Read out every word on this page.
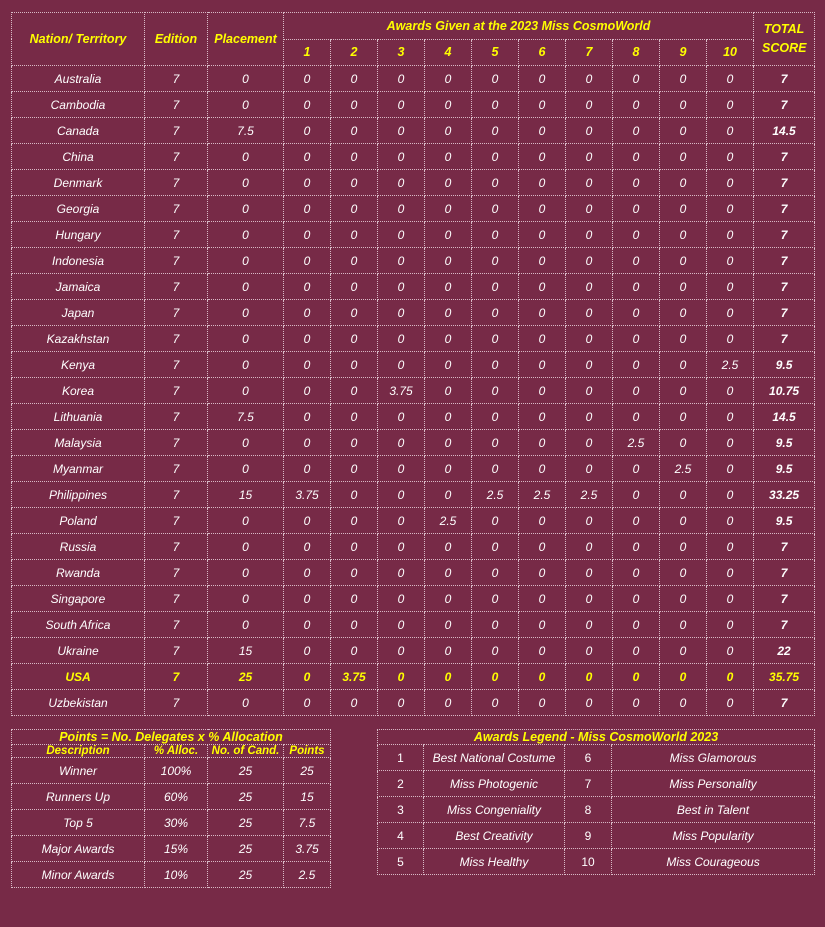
Nation/ Territory	Edition	Placement	Awards Given at the 2023 Miss CosmoWorld										TOTAL SCORE
			1	2	3	4	5	6	7	8	9	10	
Australia	7	0	0	0	0	0	0	0	0	0	0	0	7
Cambodia	7	0	0	0	0	0	0	0	0	0	0	0	7
Canada	7	7.5	0	0	0	0	0	0	0	0	0	0	14.5
China	7	0	0	0	0	0	0	0	0	0	0	0	7
Denmark	7	0	0	0	0	0	0	0	0	0	0	0	7
Georgia	7	0	0	0	0	0	0	0	0	0	0	0	7
Hungary	7	0	0	0	0	0	0	0	0	0	0	0	7
Indonesia	7	0	0	0	0	0	0	0	0	0	0	0	7
Jamaica	7	0	0	0	0	0	0	0	0	0	0	0	7
Japan	7	0	0	0	0	0	0	0	0	0	0	0	7
Kazakhstan	7	0	0	0	0	0	0	0	0	0	0	0	7
Kenya	7	0	0	0	0	0	0	0	0	0	0	2.5	9.5
Korea	7	0	0	0	3.75	0	0	0	0	0	0	0	10.75
Lithuania	7	7.5	0	0	0	0	0	0	0	0	0	0	14.5
Malaysia	7	0	0	0	0	0	0	0	0	2.5	0	0	9.5
Myanmar	7	0	0	0	0	0	0	0	0	0	2.5	0	9.5
Philippines	7	15	3.75	0	0	0	2.5	2.5	2.5	0	0	0	33.25
Poland	7	0	0	0	0	2.5	0	0	0	0	0	0	9.5
Russia	7	0	0	0	0	0	0	0	0	0	0	0	7
Rwanda	7	0	0	0	0	0	0	0	0	0	0	0	7
Singapore	7	0	0	0	0	0	0	0	0	0	0	0	7
South Africa	7	0	0	0	0	0	0	0	0	0	0	0	7
Ukraine	7	15	0	0	0	0	0	0	0	0	0	0	22
USA	7	25	0	3.75	0	0	0	0	0	0	0	0	35.75
Uzbekistan	7	0	0	0	0	0	0	0	0	0	0	0	7
Points = No. Delegates x % Allocation			
Description	% Alloc.	No. of Cand.	Points
Winner	100%	25	25
Runners Up	60%	25	15
Top 5	30%	25	7.5
Major Awards	15%	25	3.75
Minor Awards	10%	25	2.5
Awards Legend - Miss CosmoWorld 2023			
1	Best National Costume	6	Miss Glamorous
2	Miss Photogenic	7	Miss Personality
3	Miss Congeniality	8	Best in Talent
4	Best Creativity	9	Miss Popularity
5	Miss Healthy	10	Miss Courageous
